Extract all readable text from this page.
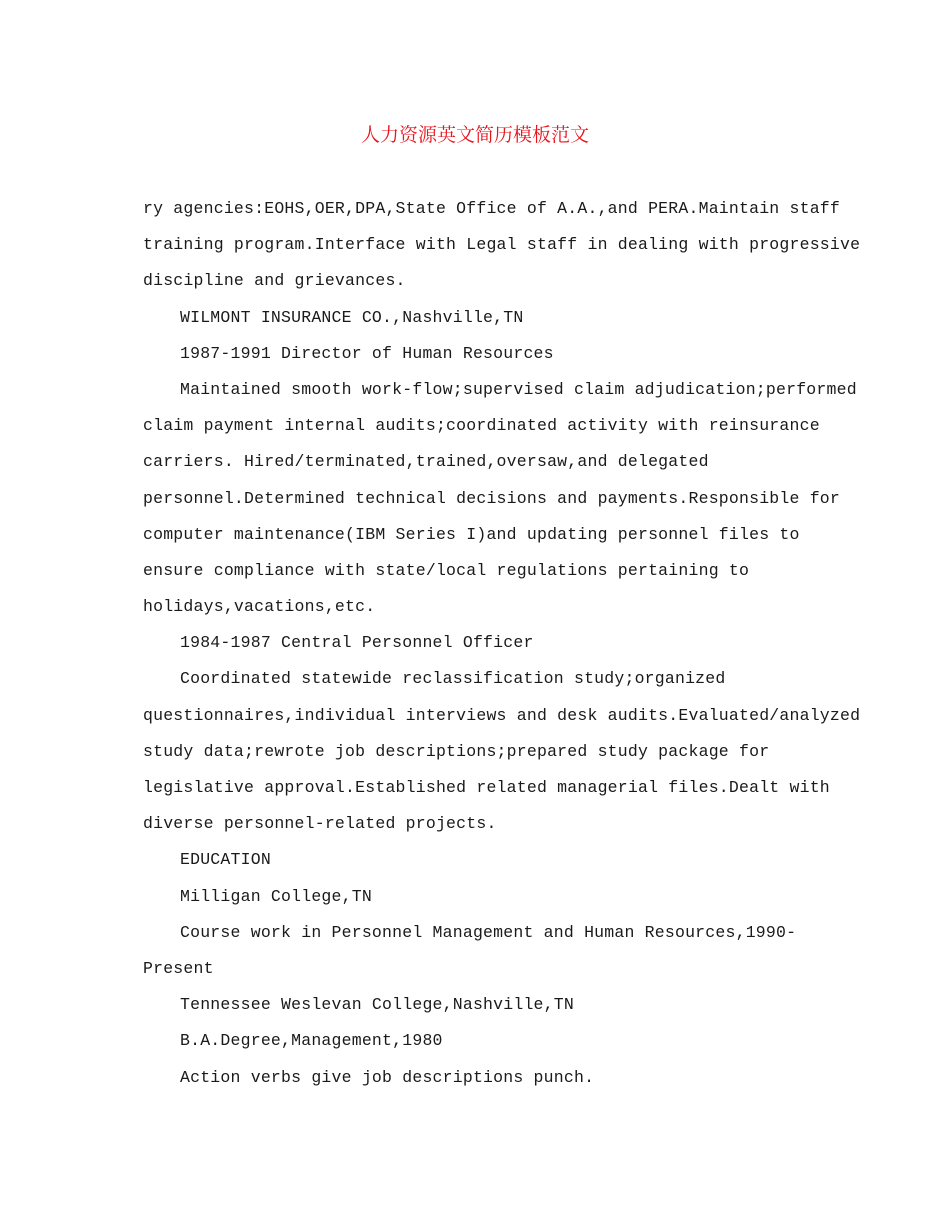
人力资源英文简历模板范文
ry agencies:EOHS,OER,DPA,State Office of A.A.,and PERA.Maintain staff
training program.Interface with Legal staff in dealing with progressive
discipline and grievances.
WILMONT INSURANCE CO.,Nashville,TN
1987-1991 Director of Human Resources
Maintained smooth work-flow;supervised claim adjudication;performed
claim payment internal audits;coordinated activity with reinsurance
carriers. Hired/terminated,trained,oversaw,and delegated
personnel.Determined technical decisions and payments.Responsible for
computer maintenance(IBM Series I)and updating personnel files to
ensure compliance with state/local regulations pertaining to
holidays,vacations,etc.
1984-1987 Central Personnel Officer
Coordinated statewide reclassification study;organized
questionnaires,individual interviews and desk audits.Evaluated/analyzed
study data;rewrote job descriptions;prepared study package for
legislative approval.Established related managerial files.Dealt with
diverse personnel-related projects.
EDUCATION
Milligan College,TN
Course work in Personnel Management and Human Resources,1990-
Present
Tennessee Weslevan College,Nashville,TN
B.A.Degree,Management,1980
Action verbs give job descriptions punch.
